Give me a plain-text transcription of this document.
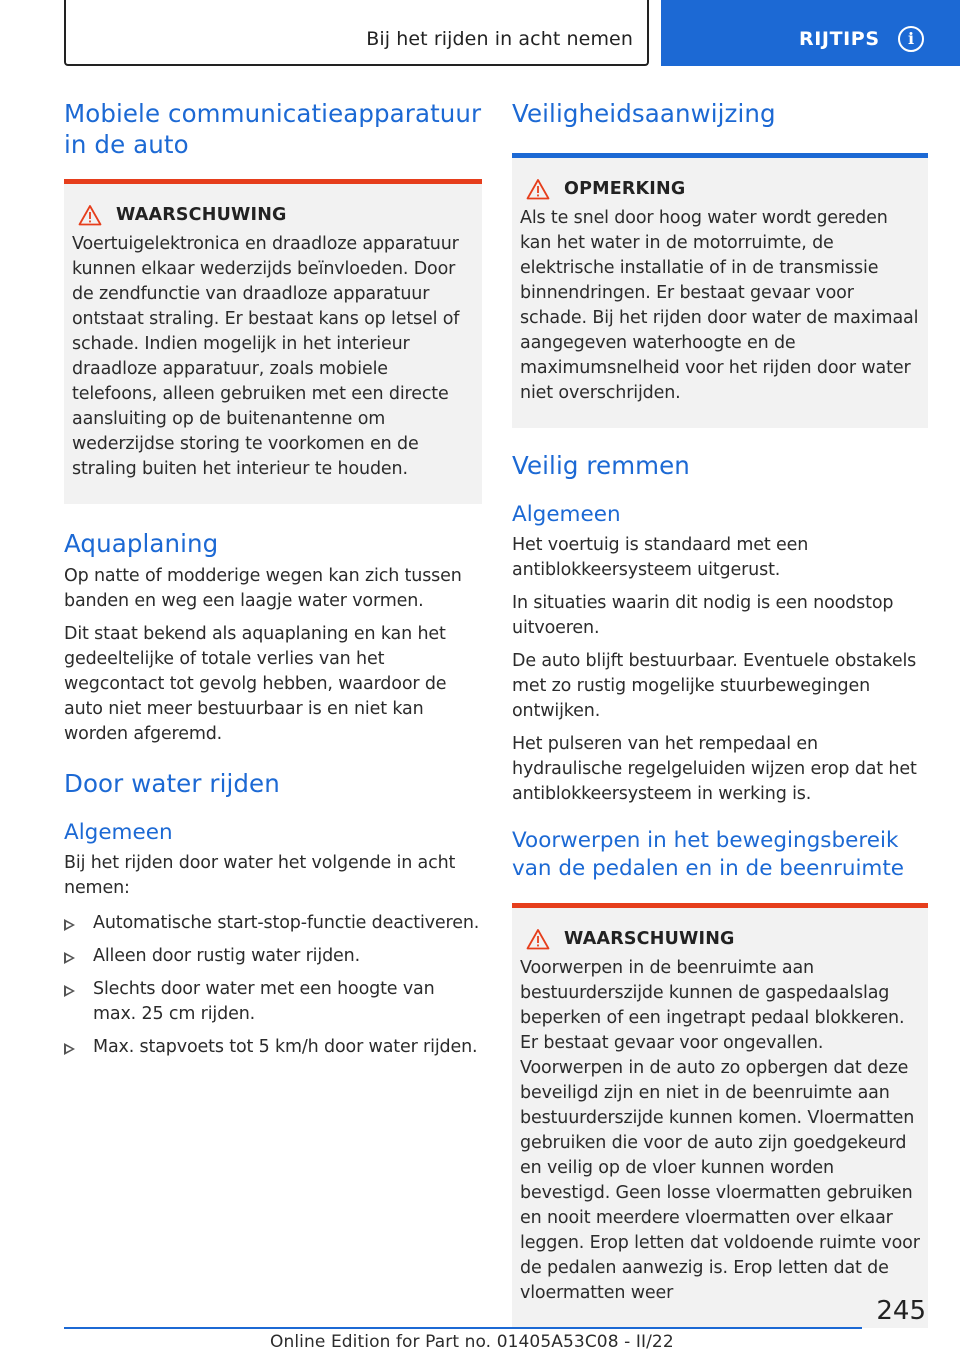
Bij het rijden in acht nemen	RIJTIPS	i
Mobiele communicatieapparatuur in de auto
WAARSCHUWING

Voertuigelektronica en draadloze apparatuur kunnen elkaar wederzijds beïnvloeden. Door de zendfunctie van draadloze apparatuur ontstaat straling. Er bestaat kans op letsel of schade. Indien mogelijk in het interieur draadloze apparatuur, zoals mobiele telefoons, alleen gebruiken met een directe aansluiting op de buitenantenne om wederzijdse storing te voorkomen en de straling buiten het interieur te houden.

Aquaplaning

Op natte of modderige wegen kan zich tussen banden en weg een laagje water vormen.

Dit staat bekend als aquaplaning en kan het gedeeltelijke of totale verlies van het wegcontact tot gevolg hebben, waardoor de auto niet meer bestuurbaar is en niet kan worden afgeremd.

Door water rijden
Algemeen

Bij het rijden door water het volgende in acht nemen:

Automatische start-stop-functie deactiveren.
Alleen door rustig water rijden.
Slechts door water met een hoogte van max. 25 cm rijden.
Max. stapvoets tot 5 km/h door water rijden.
Veiligheidsaanwijzing
OPMERKING

Als te snel door hoog water wordt gereden kan het water in de motorruimte, de elektrische installatie of in de transmissie binnendringen. Er bestaat gevaar voor schade. Bij het rijden door water de maximaal aangegeven waterhoogte en de maximumsnelheid voor het rijden door water niet overschrijden.

Veilig remmen
Algemeen

Het voertuig is standaard met een antiblokkeersysteem uitgerust.

In situaties waarin dit nodig is een noodstop uitvoeren.

De auto blijft bestuurbaar. Eventuele obstakels met zo rustig mogelijke stuurbewegingen ontwijken.

Het pulseren van het rempedaal en hydraulische regelgeluiden wijzen erop dat het antiblokkeersysteem in werking is.

Voorwerpen in het bewegingsbereik van de pedalen en in de beenruimte
WAARSCHUWING

Voorwerpen in de beenruimte aan bestuurderszijde kunnen de gaspedaalslag beperken of een ingetrapt pedaal blokkeren. Er bestaat gevaar voor ongevallen. Voorwerpen in de auto zo opbergen dat deze beveiligd zijn en niet in de beenruimte aan bestuurderszijde kunnen komen. Vloermatten gebruiken die voor de auto zijn goedgekeurd en veilig op de vloer kunnen worden bevestigd. Geen losse vloermatten gebruiken en nooit meerdere vloermatten over elkaar leggen. Erop letten dat voldoende ruimte voor de pedalen aanwezig is. Erop letten dat de vloermatten weer

245
Online Edition for Part no. 01405A53C08 - II/22
